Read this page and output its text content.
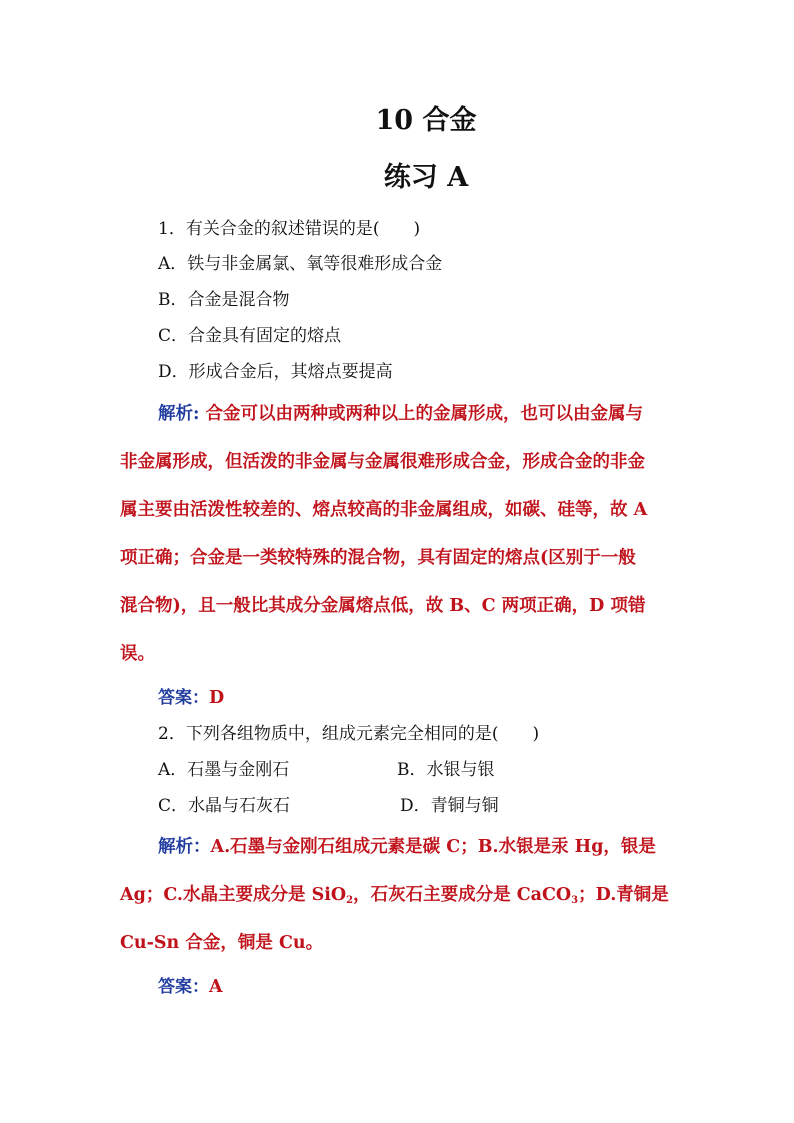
10 合金
练习 A
1．有关合金的叙述错误的是(　　)
A．铁与非金属氯、氧等很难形成合金
B．合金是混合物
C．合金具有固定的熔点
D．形成合金后，其熔点要提高
解析: 合金可以由两种或两种以上的金属形成，也可以由金属与
非金属形成，但活泼的非金属与金属很难形成合金，形成合金的非金
属主要由活泼性较差的、熔点较高的非金属组成，如碳、硅等，故 A
项正确；合金是一类较特殊的混合物，具有固定的熔点(区别于一般
混合物)，且一般比其成分金属熔点低，故 B、C 两项正确，D 项错
误。
答案：D
2．下列各组物质中，组成元素完全相同的是(　　)
A．石墨与金刚石	B．水银与银
C．水晶与石灰石	D．青铜与铜
解析：A.石墨与金刚石组成元素是碳 C；B.水银是汞 Hg，银是
Ag；C.水晶主要成分是 SiO$_2$，石灰石主要成分是 CaCO$_3$；D.青铜是
Cu-Sn 合金，铜是 Cu。
答案：A
